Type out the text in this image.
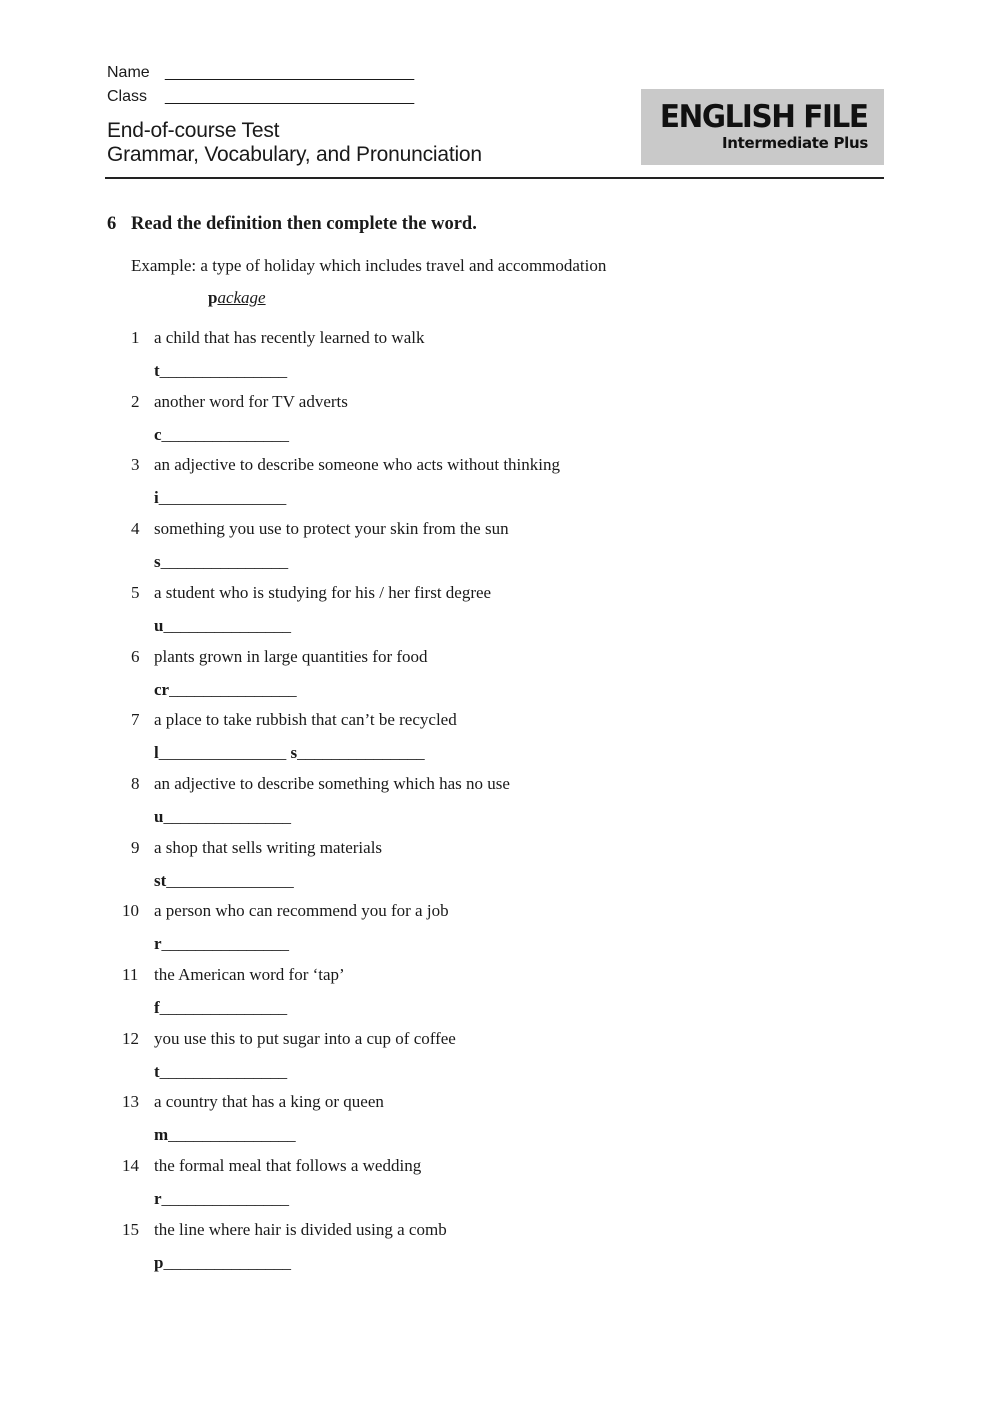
Name ____________________________
Class ____________________________
End-of-course Test
Grammar, Vocabulary, and Pronunciation
ENGLISH FILE
Intermediate Plus
6 Read the definition then complete the word.
Example: a type of holiday which includes travel and accommodation
package
1 a child that has recently learned to walk
t_______________
2 another word for TV adverts
c_______________
3 an adjective to describe someone who acts without thinking
i_______________
4 something you use to protect your skin from the sun
s_______________
5 a student who is studying for his / her first degree
u_______________
6 plants grown in large quantities for food
cr_______________
7 a place to take rubbish that can’t be recycled
l_______________ s_______________
8 an adjective to describe something which has no use
u_______________
9 a shop that sells writing materials
st_______________
10 a person who can recommend you for a job
r_______________
11 the American word for ‘tap’
f_______________
12 you use this to put sugar into a cup of coffee
t_______________
13 a country that has a king or queen
m_______________
14 the formal meal that follows a wedding
r_______________
15 the line where hair is divided using a comb
p_______________
